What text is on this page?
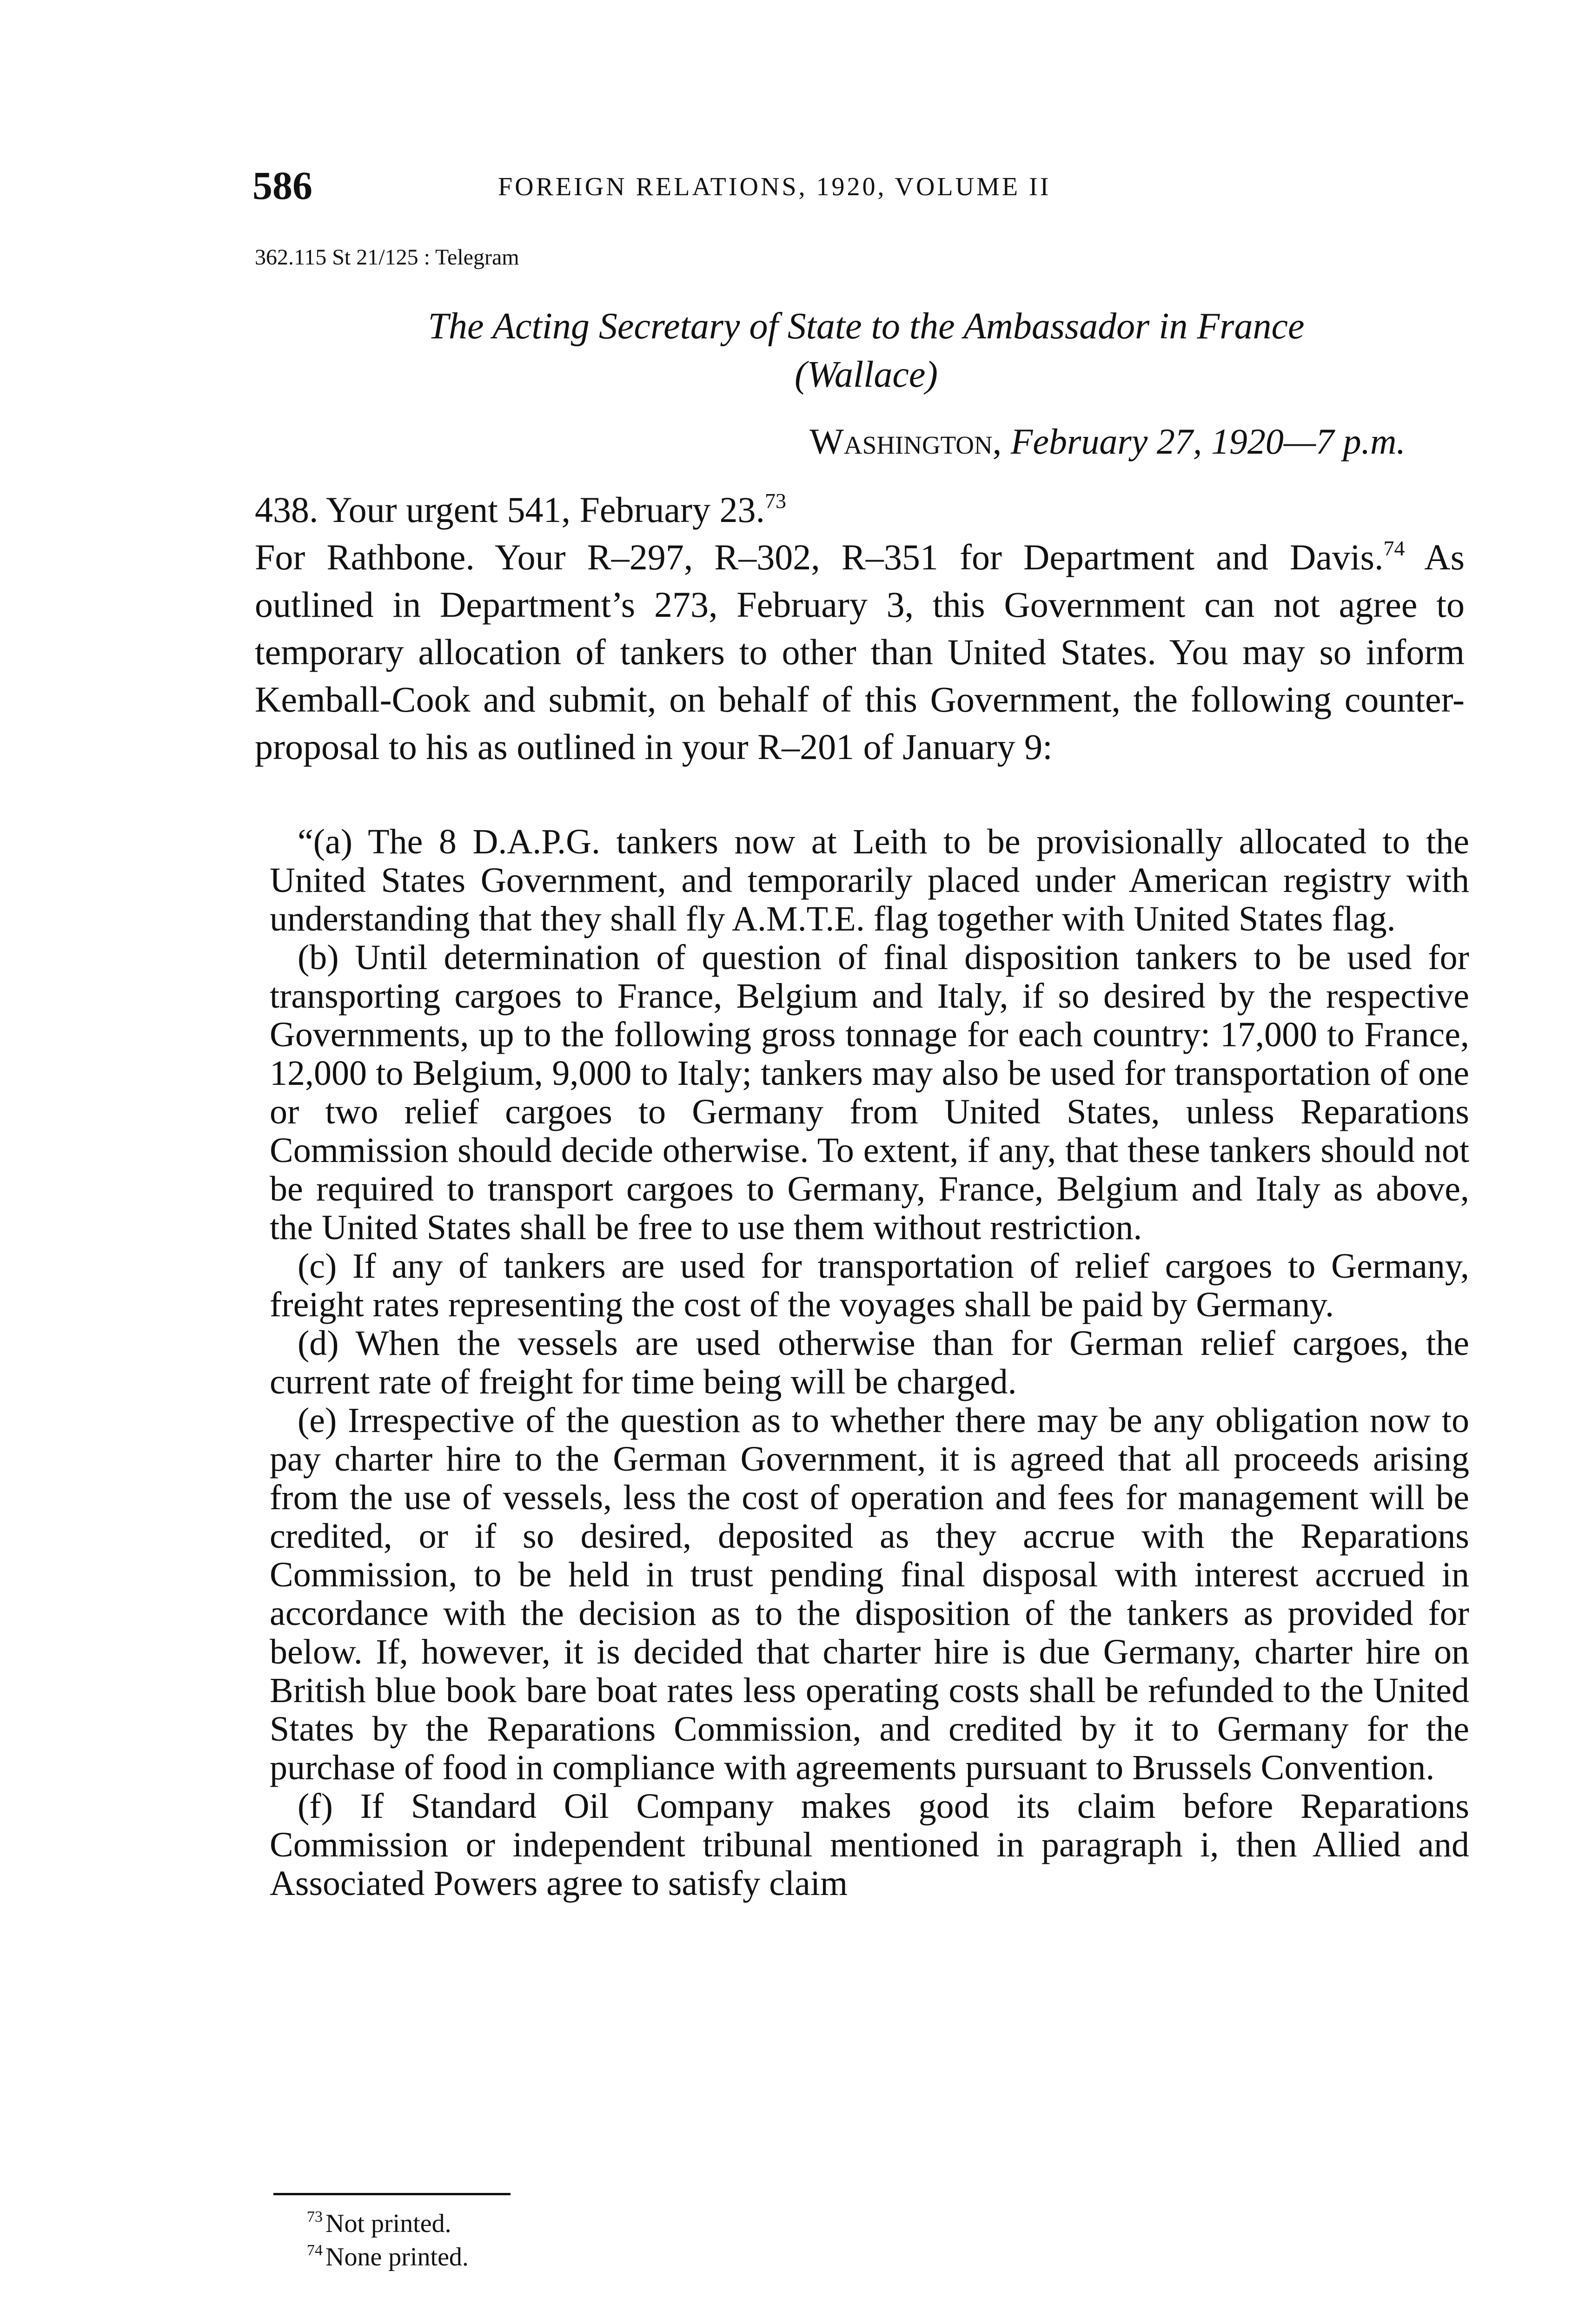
586	FOREIGN RELATIONS, 1920, VOLUME II
362.115 St 21/125 : Telegram
The Acting Secretary of State to the Ambassador in France
(Wallace)
Washington, February 27, 1920—7 p.m.

438. Your urgent 541, February 23.73

For Rathbone. Your R–297, R–302, R–351 for Department and Davis.$^{74}$ As outlined in Department’s 273, February 3, this Government can not agree to temporary allocation of tankers to other than United States. You may so inform Kemball-Cook and submit, on behalf of this Government, the following counter-proposal to his as outlined in your R–201 of January 9:

“(a) The 8 D.A.P.G. tankers now at Leith to be provisionally allocated to the United States Government, and temporarily placed under American registry with understanding that they shall fly A.M.T.E. flag together with United States flag.

(b) Until determination of question of final disposition tankers to be used for transporting cargoes to France, Belgium and Italy, if so desired by the respective Governments, up to the following gross tonnage for each country: 17,000 to France, 12,000 to Belgium, 9,000 to Italy; tankers may also be used for transportation of one or two relief cargoes to Germany from United States, unless Reparations Commission should decide otherwise. To extent, if any, that these tankers should not be required to transport cargoes to Germany, France, Belgium and Italy as above, the United States shall be free to use them without restriction.

(c) If any of tankers are used for transportation of relief cargoes to Germany, freight rates representing the cost of the voyages shall be paid by Germany.

(d) When the vessels are used otherwise than for German relief cargoes, the current rate of freight for time being will be charged.

(e) Irrespective of the question as to whether there may be any obligation now to pay charter hire to the German Government, it is agreed that all proceeds arising from the use of vessels, less the cost of operation and fees for management will be credited, or if so desired, deposited as they accrue with the Reparations Commission, to be held in trust pending final disposal with interest accrued in accordance with the decision as to the disposition of the tankers as provided for below. If, however, it is decided that charter hire is due Germany, charter hire on British blue book bare boat rates less operating costs shall be refunded to the United States by the Reparations Commission, and credited by it to Germany for the purchase of food in compliance with agreements pursuant to Brussels Convention.

(f) If Standard Oil Company makes good its claim before Reparations Commission or independent tribunal mentioned in paragraph i, then Allied and Associated Powers agree to satisfy claim

$^{73}$ Not printed.
$^{74}$ None printed.
